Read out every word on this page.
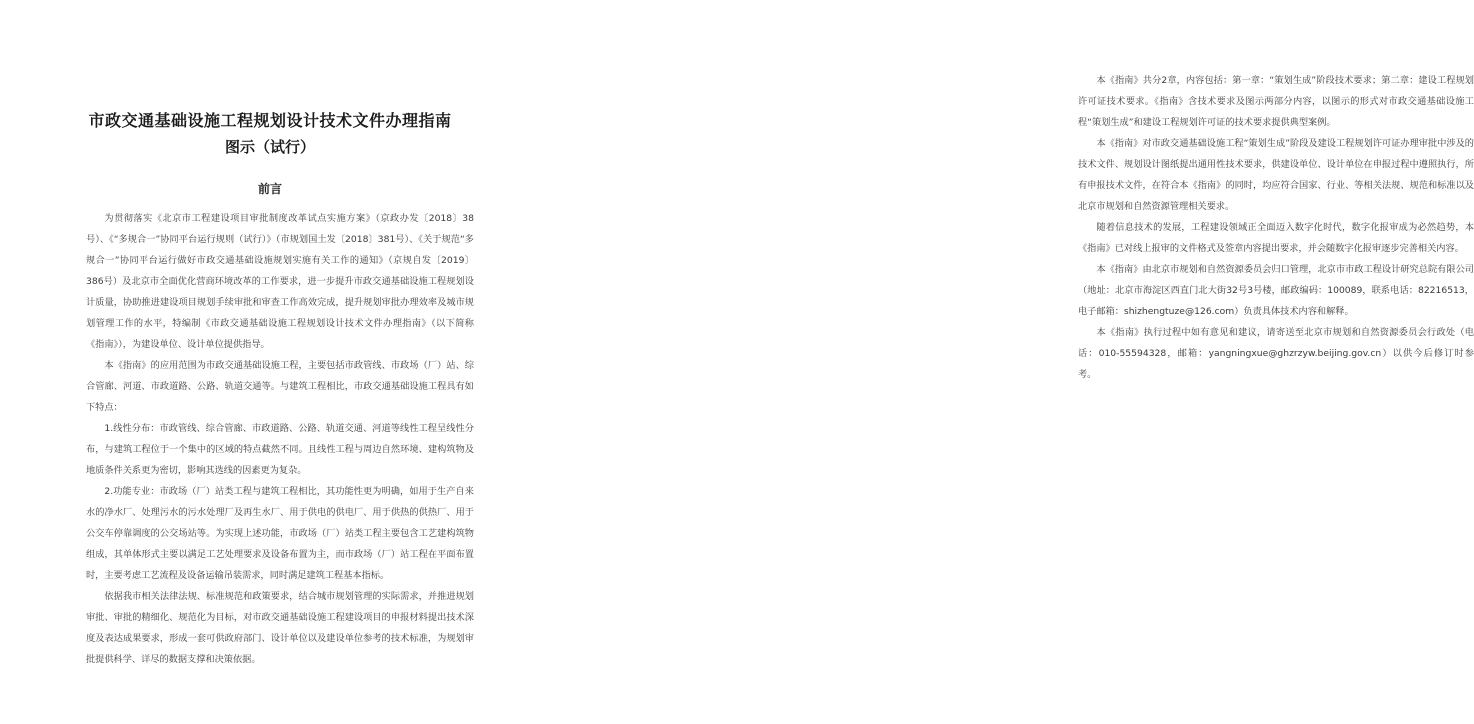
市政交通基础设施工程规划设计技术文件办理指南
图示（试行）
前言

为贯彻落实《北京市工程建设项目审批制度改革试点实施方案》（京政办发〔2018〕38号）、《“多规合一”协同平台运行规则（试行）》（市规划国土发〔2018〕381号）、《关于规范“多规合一”协同平台运行做好市政交通基础设施规划实施有关工作的通知》（京规自发〔2019〕386号）及北京市全面优化营商环境改革的工作要求，进一步提升市政交通基础设施工程规划设计质量，协助推进建设项目规划手续审批和审查工作高效完成，提升规划审批办理效率及城市规划管理工作的水平，特编制《市政交通基础设施工程规划设计技术文件办理指南》（以下简称《指南》），为建设单位、设计单位提供指导。

本《指南》的应用范围为市政交通基础设施工程，主要包括市政管线、市政场（厂）站、综合管廊、河道、市政道路、公路、轨道交通等。与建筑工程相比，市政交通基础设施工程具有如下特点：

1.线性分布：市政管线、综合管廊、市政道路、公路、轨道交通、河道等线性工程呈线性分布，与建筑工程位于一个集中的区域的特点截然不同。且线性工程与周边自然环境、建构筑物及地质条件关系更为密切，影响其选线的因素更为复杂。

2.功能专业：市政场（厂）站类工程与建筑工程相比，其功能性更为明确，如用于生产自来水的净水厂、处理污水的污水处理厂及再生水厂、用于供电的供电厂、用于供热的供热厂、用于公交车停靠调度的公交场站等。为实现上述功能，市政场（厂）站类工程主要包含工艺建构筑物组成，其单体形式主要以满足工艺处理要求及设备布置为主，而市政场（厂）站工程在平面布置时，主要考虑工艺流程及设备运输吊装需求，同时满足建筑工程基本指标。

依据我市相关法律法规、标准规范和政策要求，结合城市规划管理的实际需求，并推进规划审批、审批的精细化、规范化为目标，对市政交通基础设施工程建设项目的申报材料提出技术深度及表达成果要求，形成一套可供政府部门、设计单位以及建设单位参考的技术标准，为规划审批提供科学、详尽的数据支撑和决策依据。

本《指南》共分2章，内容包括：第一章：“策划生成”阶段技术要求；第二章：建设工程规划许可证技术要求。《指南》含技术要求及图示两部分内容，以图示的形式对市政交通基础设施工程“策划生成”和建设工程规划许可证的技术要求提供典型案例。

本《指南》对市政交通基础设施工程“策划生成”阶段及建设工程规划许可证办理审批中涉及的技术文件、规划设计图纸提出通用性技术要求，供建设单位、设计单位在申报过程中遵照执行，所有申报技术文件，在符合本《指南》的同时，均应符合国家、行业、等相关法规、规范和标准以及北京市规划和自然资源管理相关要求。

随着信息技术的发展，工程建设领域正全面迈入数字化时代，数字化报审成为必然趋势，本《指南》已对线上报审的文件格式及签章内容提出要求，并会随数字化报审逐步完善相关内容。

本《指南》由北京市规划和自然资源委员会归口管理，北京市市政工程设计研究总院有限公司（地址：北京市海淀区西直门北大街32号3号楼，邮政编码：100089，联系电话：82216513，电子邮箱：shizhengtuze@126.com）负责具体技术内容和解释。

本《指南》执行过程中如有意见和建议，请寄送至北京市规划和自然资源委员会行政处（电话：010-55594328，邮箱：yangningxue@ghzrzyw.beijing.gov.cn）以供今后修订时参考。
